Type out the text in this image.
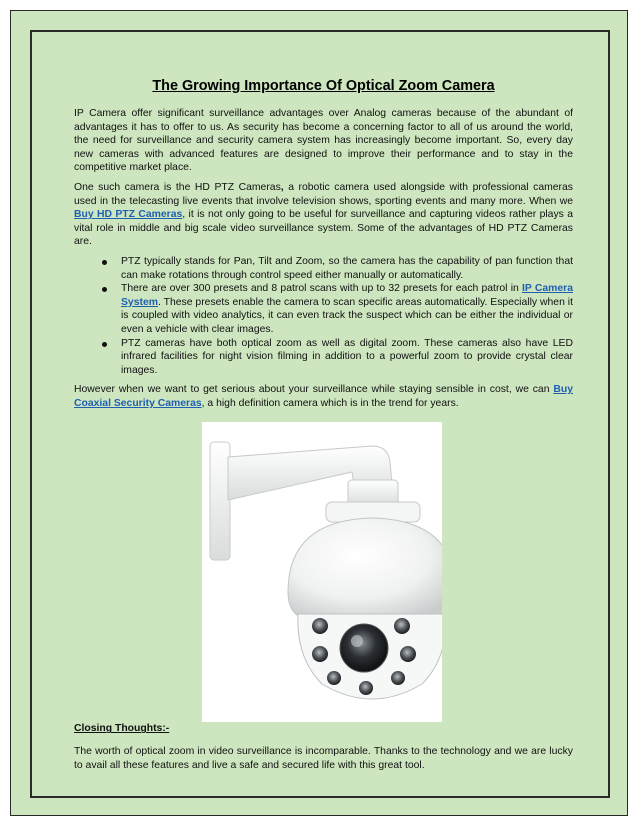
The Growing Importance Of Optical Zoom Camera

IP Camera offer significant surveillance advantages over Analog cameras because of the abundant of advantages it has to offer to us. As security has become a concerning factor to all of us around the world, the need for surveillance and security camera system has increasingly become important. So, every day new cameras with advanced features are designed to improve their performance and to stay in the competitive market place.

One such camera is the HD PTZ Cameras, a robotic camera used alongside with professional cameras used in the telecasting live events that involve television shows, sporting events and many more. When we Buy HD PTZ Cameras, it is not only going to be useful for surveillance and capturing videos rather plays a vital role in middle and big scale video surveillance system. Some of the advantages of HD PTZ Cameras are.

PTZ typically stands for Pan, Tilt and Zoom, so the camera has the capability of pan function that can make rotations through control speed either manually or automatically.
There are over 300 presets and 8 patrol scans with up to 32 presets for each patrol in IP Camera System. These presets enable the camera to scan specific areas automatically. Especially when it is coupled with video analytics, it can even track the suspect which can be either the individual or even a vehicle with clear images.
PTZ cameras have both optical zoom as well as digital zoom. These cameras also have LED infrared facilities for night vision filming in addition to a powerful zoom to provide crystal clear images.

However when we want to get serious about your surveillance while staying sensible in cost, we can Buy Coaxial Security Cameras, a high definition camera which is in the trend for years.

Closing Thoughts:-

The worth of optical zoom in video surveillance is incomparable. Thanks to the technology and we are lucky to avail all these features and live a safe and secured life with this great tool.
